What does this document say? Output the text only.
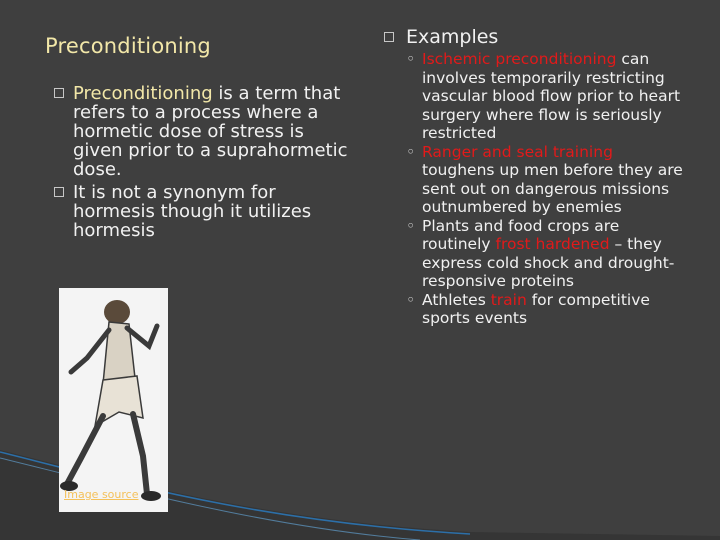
Preconditioning
Preconditioning is a term that refers to a process where a hormetic dose of stress is given prior to a suprahormetic dose.
It is not a synonym for hormesis though it utilizes hormesis
Image source
Examples
◦ Ischemic preconditioning can involves temporarily restricting vascular blood flow prior to heart surgery where flow is seriously restricted
◦ Ranger and seal training toughens up men before they are sent out on dangerous missions outnumbered by enemies
◦ Plants and food crops are routinely frost hardened – they express cold shock and drought-responsive proteins
◦ Athletes train for competitive sports events
